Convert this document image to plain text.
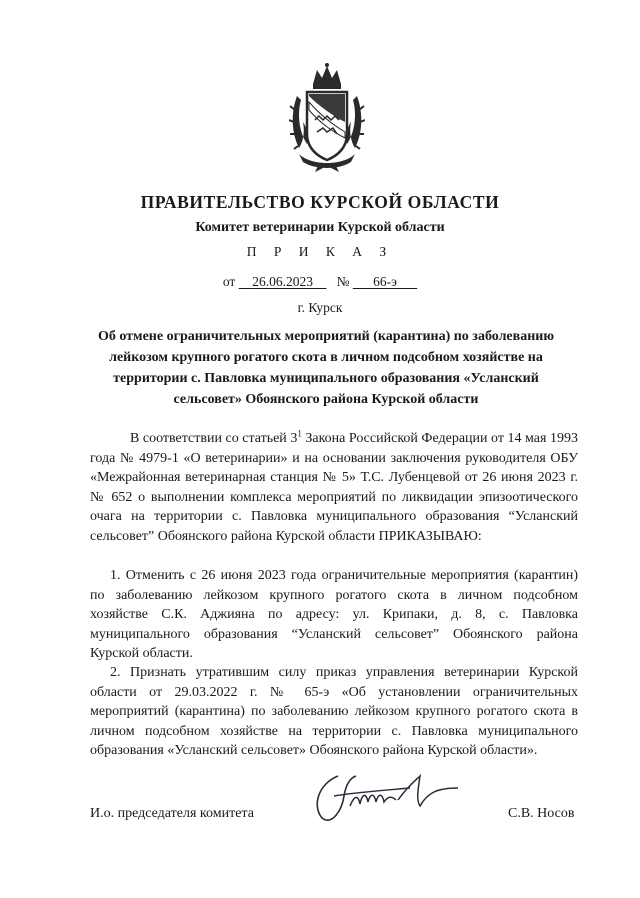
ПРАВИТЕЛЬСТВО КУРСКОЙ ОБЛАСТИ
Комитет ветеринарии Курской области
П Р И К А З
от 26.06.2023 № 66-э
г. Курск
Об отмене ограничительных мероприятий (карантина) по заболеванию лейкозом крупного рогатого скота в личном подсобном хозяйстве на территории с. Павловка муниципального образования «Усланский сельсовет» Обоянского района Курской области
В соответствии со статьей $3^1$ Закона Российской Федерации от 14 мая 1993 года № 4979-1 «О ветеринарии» и на основании заключения руководителя ОБУ «Межрайонная ветеринарная станция № 5» Т.С. Лубенцевой от 26 июня 2023 г. № 652 о выполнении комплекса мероприятий по ликвидации эпизоотического очага на территории с. Павловка муниципального образования “Усланский сельсовет” Обоянского района Курской области ПРИКАЗЫВАЮ:
1. Отменить с 26 июня 2023 года ограничительные мероприятия (карантин) по заболеванию лейкозом крупного рогатого скота в личном подсобном хозяйстве С.К. Аджияна по адресу: ул. Крипаки, д. 8, с. Павловка муниципального образования “Усланский сельсовет” Обоянского района Курской области.
2. Признать утратившим силу приказ управления ветеринарии Курской области от 29.03.2022 г. № 65-э «Об установлении ограничительных мероприятий (карантина) по заболеванию лейкозом крупного рогатого скота в личном подсобном хозяйстве на территории с. Павловка муниципального образования «Усланский сельсовет» Обоянского района Курской области».
И.о. председателя комитета	С.В. Носов
